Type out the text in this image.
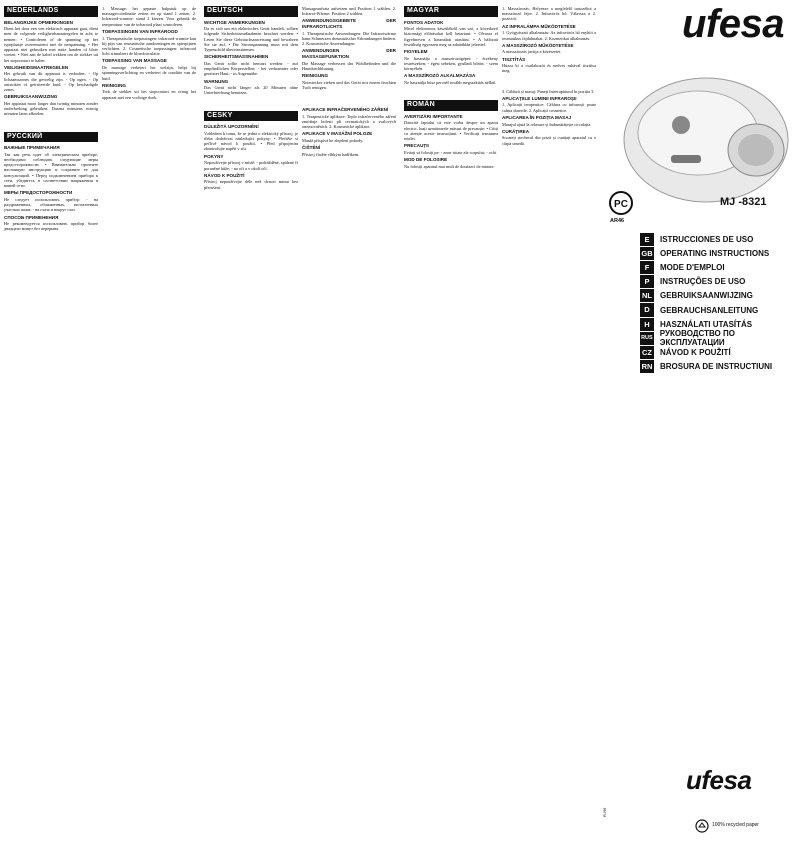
NEDERLANDS
BELANGRIJKE OPMERKINGEN

Dient het door een ven elektrisch apparaat gaat, dient men de volgende veiligheidsmaatregelen in acht te nemen: • Controleren of de spanning op het typeplaatje overeenstemt met de netspanning. • Het apparaat niet gebruiken met natte handen of blote voeten. • Niet aan de kabel trekken om de stekker uit het stopcontact te halen.

VEILIGHEIDSMAATREGELEN

Het gebruik van dit apparaat is verboden: - Op lichaamszones die gevoelig zijn. - Op ogen. - Op ontstoken of geïrriteerde huid. - Op beschadigde zones.

GEBRUIKSAANWIJZING

Het apparaat mooi langer dan twintig minuten zonder onderbreking gebruiken. Daarna minstens twintig minuten laten afkoelen.

РУССКИЙ
ВАЖНЫЕ ПРИМЕЧАНИЯ

Так как речь идет об электрическом приборе, необходимо соблюдать следующие меры предосторожности: • Внимательно прочтите настоящую инструкцию и сохраните ее для консультаций. • Перед подключением прибора к сети, убедитесь в соответствии напряжения в вашей сети.

МЕРЫ ПРЕДОСТОРОЖНОСТИ

Не следует использовать прибор: - на раздраженных, обожженных, воспаленных участках кожи; - на глаза и вокруг глаз.

СПОСОБ ПРИМЕНЕНИЯ

Не рекомендуется использовать прибор более двадцати минут без перерыва.

1. Massage: het gepaste hulpstuk op de massagecoördinatie zetten en op stand 1 zetten. 2. Infrarood-warmte: stand 2 kiezen. Voor gebruik de temperatuur van de infrarood plaat controleren.

TOEPASSINGEN VAN INFRAROOD

1. Therapeutische toepassingen: infrarood-warmte kan bij pijn van reumatische aandoeningen en spierpijnen verlichten. 2. Cosmetische toepassingen: infrarood licht stimuleert de bloedcirculatie.

TOEPASSING VAN MASSAGE

De massage verbetert het welzijn, helpt bij spanningsverlichting en verbetert de conditie van de huid.

REINIGING

Trek de stekker uit het stopcontact en reinig het apparaat met een vochtige doek.

DEUTSCH
WICHTIGE ANMERKUNGEN

Da es sich um ein elektrisches Gerät handelt, sollten folgende Sicherheitsmaßnahmen beachtet werden: • Lesen Sie diese Gebrauchsanweisung und bewahren Sie sie auf. • Die Stromspannung muss mit dem Typenschild übereinstimmen.

SICHERHEITSMASSNAHMEN

Das Gerät sollte nicht benutzt werden: - auf empfindlichen Körperstellen; - bei verbrannter oder gereizter Haut; - in Augennähe.

WARNUNG

Das Gerät nicht länger als 20 Minuten ohne Unterbrechung benutzen.

ČESKY
DŮLEŽITÁ UPOZORNĚNÍ

Vzhledem k tomu, že se jedná o elektrický přístroj, je třeba dodržovat následující pokyny: • Přečtěte si pečlivě návod k použití. • Před připojením zkontrolujte napětí v síti.

POKYNY

Nepoužívejte přístroj v místě: - podrážděné, spálené či poraněné kůže; - na oči a v okolí očí.

NÁVOD K POUŽITÍ

Přístroj nepoužívejte déle než dvacet minut bez přerušení.

Massageaufsatz aufsetzen und Position 1 wählen. 2. Infrarot-Wärme: Position 2 wählen.

ANWENDUNGSGEBIETE DER INFRAROTLICHTS

1. Therapeutische Anwendungen: Die Infrarotwärme kann Schmerzen rheumatischer Erkrankungen lindern. 2. Kosmetische Anwendungen.

ANWENDUNGEN DER MASSAGEFUNKTION

Die Massage verbessert das Wohlbefinden und die Hautdurchblutung.

REINIGUNG

Netzstecker ziehen und das Gerät mit einem feuchten Tuch reinigen.

APLIKACE INFRAČERVENÉHO ZÁŘENÍ

1. Terapeutické aplikace: Teplo infračerveného záření zmírňuje bolesti při revmatických a svalových onemocněních. 2. Kosmetické aplikace.

APLIKACE V MASÁŽNÍ POLOZE

Masáž přispívá ke zlepšení pohody.

ČIŠTĚNÍ

Přístroj čistěte vlhkým hadříkem.

MAGYAR
FONTOS ADATOK

Mivel elektromos készülékről van szó, a következő biztonsági előírásokat kell betartani: • Olvassa el figyelmesen a használati utasítást. • A hálózati feszültség egyezzen meg az adattáblán jelzettel.

FIGYELEM

Ne használja a masszírozógépet: - érzékeny testrészeken; - égési sebeken, gyulladt bőrön; - szem környékén.

A MASSZÍROZÓ ALKALMAZÁSA

Ne használja húsz percnél tovább megszakítás nélkül.

ROMÂN
AVERTIZĂRI IMPORTANTE

Datorită faptului că este vorba despre un aparat electric, luați următoarele măsuri de precauție: • Citiți cu atenție aceste instrucțiuni. • Verificați tensiunea rețelei.

PRECAUȚII

Evitați să folosiți pe: - zone iritate ale corpului; - ochi.

MOD DE FOLOSIRE

Nu folosiți aparatul mai mult de douăzeci de minute.

1. Masszírozás: Helyezze a megfelelő tartozékot a masszírozó fejre. 2. Infravörös hő: Válassza a 2. pozíciót.

AZ INFRALÁMPA MŰKÖDTETÉSE

1. Gyógyászati alkalmazás: Az infravörös hő enyhíti a reumatikus fájdalmakat. 2. Kozmetikai alkalmazás.

A MASSZÍROZÓ MŰKÖDTETÉSE

A masszírozás javítja a közérzetet.

TISZTÍTÁS

Húzza ki a csatlakozót és nedves ruhával tisztítsa meg.

3. Căldură și masaj: Puneți întrerupătorul în poziția 3.

APLICAȚIILE LUMINII INFRAROȘII

1. Aplicații terapeutice: Căldura cu infraroșii poate calma durerile. 2. Aplicații cosmetice.

APLICAREA ÎN POZIȚIA MASAJ

Masajul ajută la relaxare și îmbunătățește circulația.

CURĂȚIREA

Scoateți ștecherul din priză și curățați aparatul cu o cârpă umedă.

ufesa
PC
AR46
MJ -8321
E	ISTRUCCIONES DE USO
GB OPERATING INSTRUCTIONS
F	MODE D'EMPLOI
P	INSTRUÇÕES DE USO
NL	GEBRUIKSAANWIJZING
D	GEBRAUCHSANLEITUNG
H	HASZNÁLATI UTASÍTÁS
RUS РУКОВОДСТВО ПО ЭКСПЛУАТАЦИИ
CZ	NÁVOD K POUŽITÍ
RN BROSURA DE INSTRUCTIUNI
ufesa
100% recycled paper
R-R6
